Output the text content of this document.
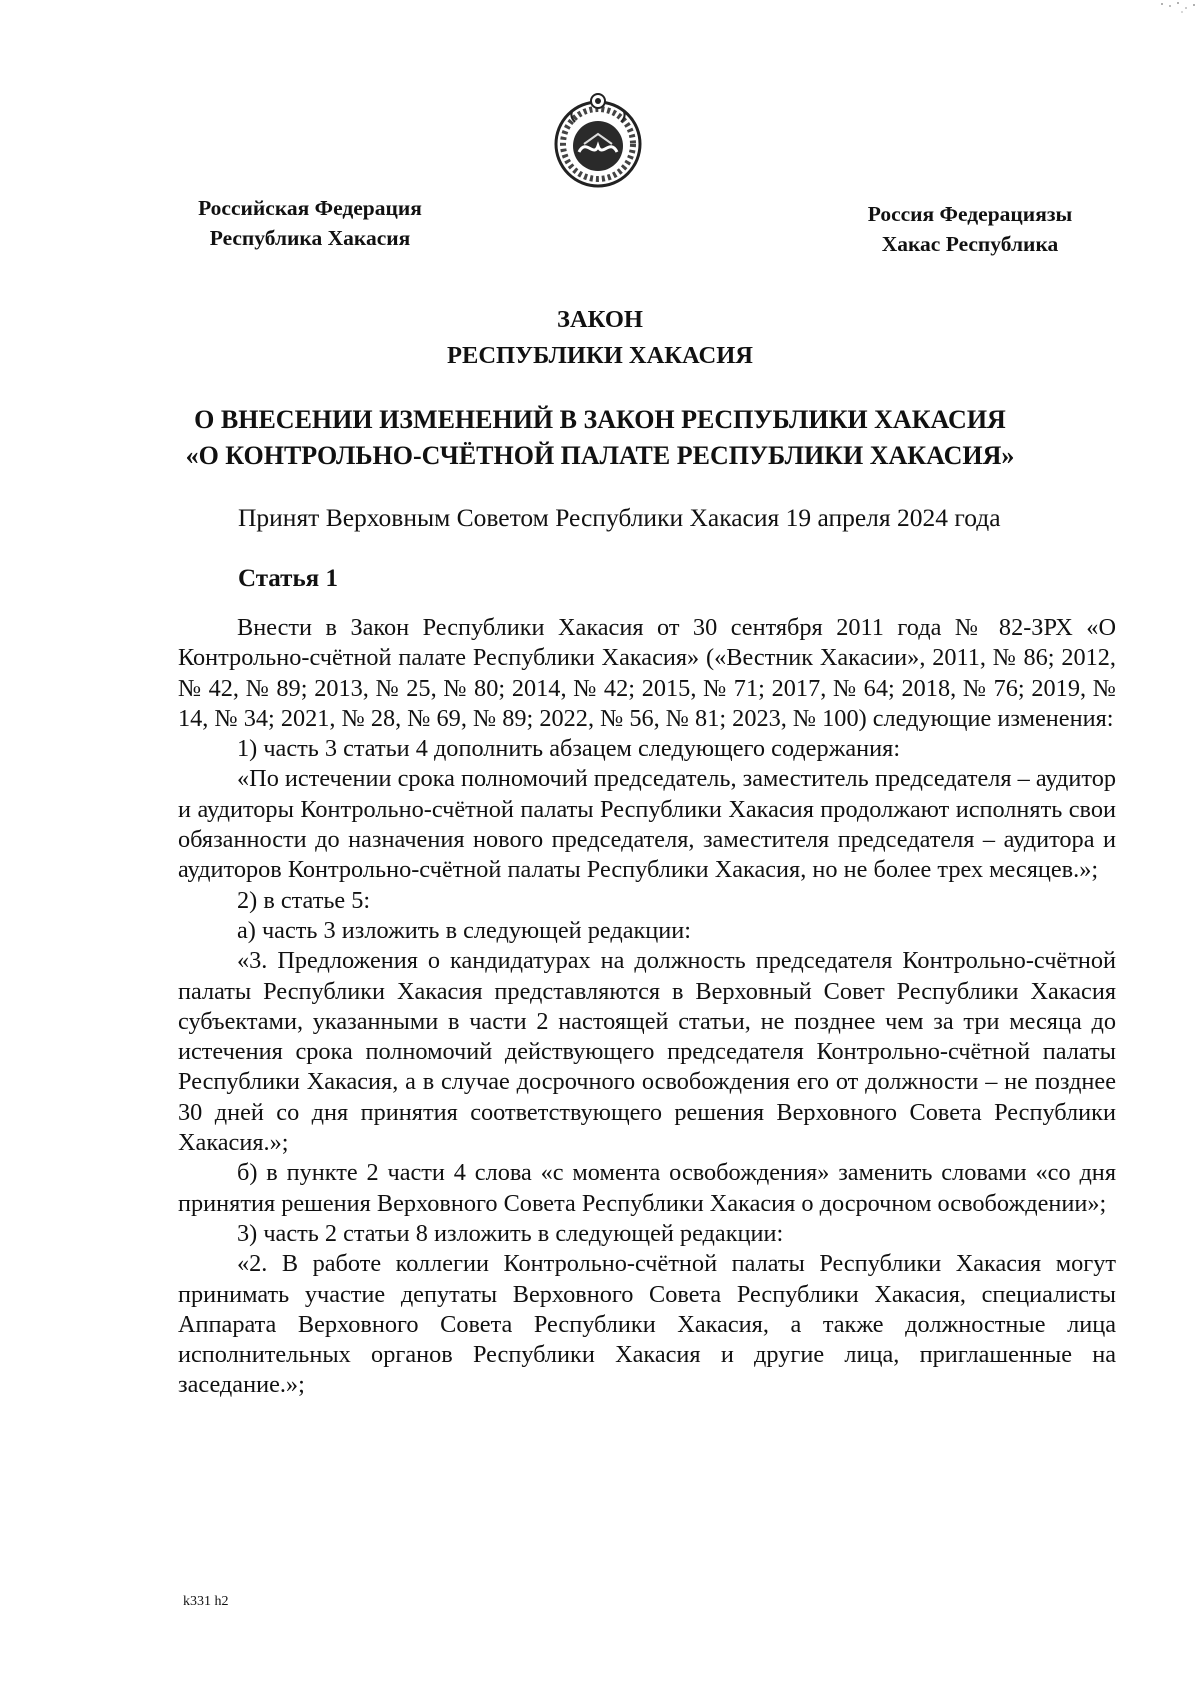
Российская Федерация
Республика Хакасия
Россия Федерациязы
Хакас Республика
ЗАКОН
РЕСПУБЛИКИ ХАКАСИЯ
О ВНЕСЕНИИ ИЗМЕНЕНИЙ В ЗАКОН РЕСПУБЛИКИ ХАКАСИЯ
«О КОНТРОЛЬНО-СЧЁТНОЙ ПАЛАТЕ РЕСПУБЛИКИ ХАКАСИЯ»
Принят Верховным Советом Республики Хакасия 19 апреля 2024 года
Статья 1

Внести в Закон Республики Хакасия от 30 сентября 2011 года № 82-ЗРХ «О Контрольно-счётной палате Республики Хакасия» («Вестник Хакасии», 2011, № 86; 2012, № 42, № 89; 2013, № 25, № 80; 2014, № 42; 2015, № 71; 2017, № 64; 2018, № 76; 2019, № 14, № 34; 2021, № 28, № 69, № 89; 2022, № 56, № 81; 2023, № 100) следующие изменения:

1) часть 3 статьи 4 дополнить абзацем следующего содержания:

«По истечении срока полномочий председатель, заместитель председателя – аудитор и аудиторы Контрольно-счётной палаты Республики Хакасия продолжают исполнять свои обязанности до назначения нового председателя, заместителя председателя – аудитора и аудиторов Контрольно-счётной палаты Республики Хакасия, но не более трех месяцев.»;

2) в статье 5:

а) часть 3 изложить в следующей редакции:

«3. Предложения о кандидатурах на должность председателя Контрольно-счётной палаты Республики Хакасия представляются в Верховный Совет Республики Хакасия субъектами, указанными в части 2 настоящей статьи, не позднее чем за три месяца до истечения срока полномочий действующего председателя Контрольно-счётной палаты Республики Хакасия, а в случае досрочного освобождения его от должности – не позднее 30 дней со дня принятия соответствующего решения Верховного Совета Республики Хакасия.»;

б) в пункте 2 части 4 слова «с момента освобождения» заменить словами «со дня принятия решения Верховного Совета Республики Хакасия о досрочном освобождении»;

3) часть 2 статьи 8 изложить в следующей редакции:

«2. В работе коллегии Контрольно-счётной палаты Республики Хакасия могут принимать участие депутаты Верховного Совета Республики Хакасия, специалисты Аппарата Верховного Совета Республики Хакасия, а также должностные лица исполнительных органов Республики Хакасия и другие лица, приглашенные на заседание.»;

k331 h2
